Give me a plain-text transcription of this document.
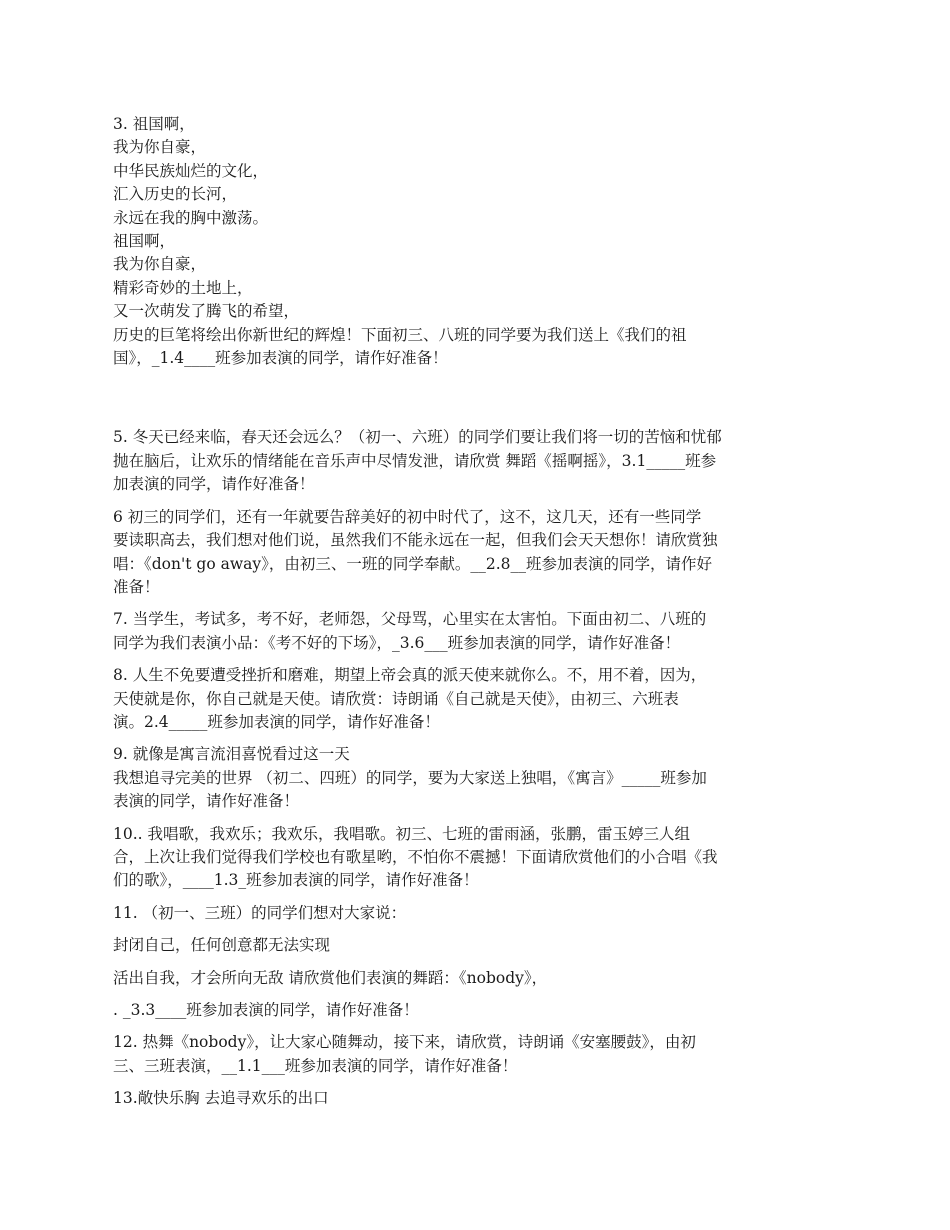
3. 祖国啊，
我为你自豪，
中华民族灿烂的文化，
汇入历史的长河，
永远在我的胸中激荡。
祖国啊，
我为你自豪，
精彩奇妙的土地上，
又一次萌发了腾飞的希望，
历史的巨笔将绘出你新世纪的辉煌！下面初三、八班的同学要为我们送上《我们的祖
国》，_1.4____班参加表演的同学，请作好准备！
5. 冬天已经来临，春天还会远么？（初一、六班）的同学们要让我们将一切的苦恼和忧郁
抛在脑后，让欢乐的情绪能在音乐声中尽情发泄，请欣赏 舞蹈《摇啊摇》，3.1_____班参
加表演的同学，请作好准备！
6 初三的同学们，还有一年就要告辞美好的初中时代了，这不，这几天，还有一些同学
要读职高去，我们想对他们说，虽然我们不能永远在一起，但我们会天天想你！请欣赏独
唱：《don't go away》，由初三、一班的同学奉献。__2.8__班参加表演的同学，请作好
准备！
7. 当学生，考试多，考不好，老师怨，父母骂，心里实在太害怕。下面由初二、八班的
同学为我们表演小品：《考不好的下场》，_3.6___班参加表演的同学，请作好准备！
8. 人生不免要遭受挫折和磨难，期望上帝会真的派天使来就你么。不，用不着，因为，
天使就是你，你自己就是天使。请欣赏：诗朗诵《自己就是天使》，由初三、六班表
演。2.4_____班参加表演的同学，请作好准备！
9. 就像是寓言流泪喜悦看过这一天
我想追寻完美的世界 （初二、四班）的同学，要为大家送上独唱，《寓言》_____班参加
表演的同学，请作好准备！
10.. 我唱歌，我欢乐；我欢乐，我唱歌。初三、七班的雷雨涵，张鹏，雷玉婷三人组
合，上次让我们觉得我们学校也有歌星哟，不怕你不震撼！下面请欣赏他们的小合唱《我
们的歌》，____1.3_班参加表演的同学，请作好准备！
11. （初一、三班）的同学们想对大家说：
封闭自己，任何创意都无法实现
活出自我，才会所向无敌 请欣赏他们表演的舞蹈：《nobody》，
. _3.3____班参加表演的同学，请作好准备！
12. 热舞《nobody》，让大家心随舞动，接下来，请欣赏，诗朗诵《安塞腰鼓》，由初
三、三班表演，__1.1___班参加表演的同学，请作好准备！
13.敞快乐胸 去追寻欢乐的出口
